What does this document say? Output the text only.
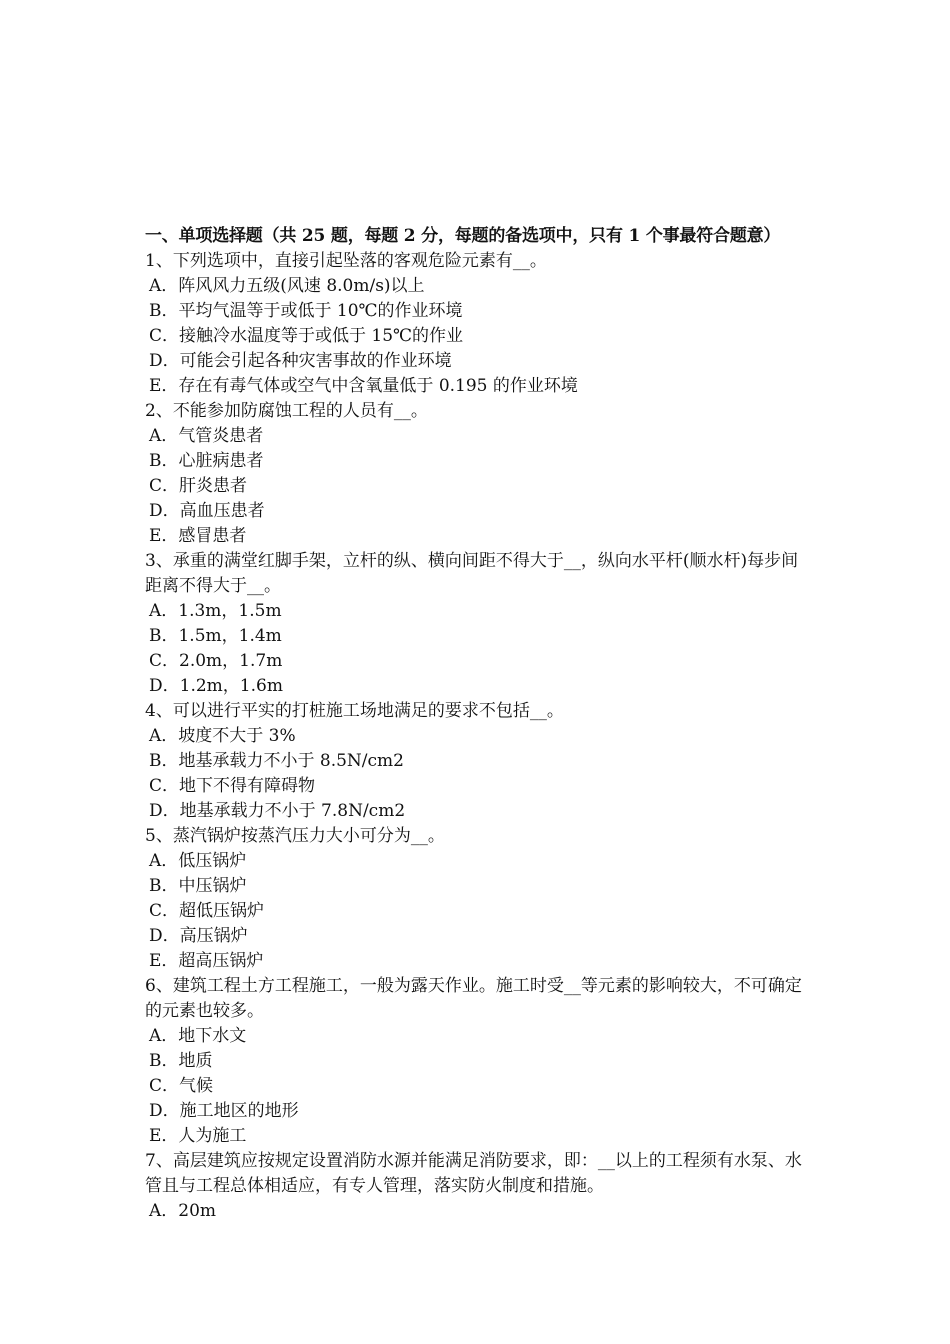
一、单项选择题（共 25 题，每题 2 分，每题的备选项中，只有 1 个事最符合题意）
1、下列选项中，直接引起坠落的客观危险元素有__。
A．阵风风力五级(风速 8.0m/s)以上
B．平均气温等于或低于 10℃的作业环境
C．接触冷水温度等于或低于 15℃的作业
D．可能会引起各种灾害事故的作业环境
E．存在有毒气体或空气中含氧量低于 0.195 的作业环境
2、不能参加防腐蚀工程的人员有__。
A．气管炎患者
B．心脏病患者
C．肝炎患者
D．高血压患者
E．感冒患者
3、承重的满堂红脚手架，立杆的纵、横向间距不得大于__，纵向水平杆(顺水杆)每步间距离不得大于__。
A．1.3m，1.5m
B．1.5m，1.4m
C．2.0m，1.7m
D．1.2m，1.6m
4、可以进行平实的打桩施工场地满足的要求不包括__。
A．坡度不大于 3%
B．地基承载力不小于 8.5N/cm2
C．地下不得有障碍物
D．地基承载力不小于 7.8N/cm2
5、蒸汽锅炉按蒸汽压力大小可分为__。
A．低压锅炉
B．中压锅炉
C．超低压锅炉
D．高压锅炉
E．超高压锅炉
6、建筑工程土方工程施工，一般为露天作业。施工时受__等元素的影响较大，不可确定的元素也较多。
A．地下水文
B．地质
C．气候
D．施工地区的地形
E．人为施工
7、高层建筑应按规定设置消防水源并能满足消防要求，即：__以上的工程须有水泵、水管且与工程总体相适应，有专人管理，落实防火制度和措施。
A．20m
